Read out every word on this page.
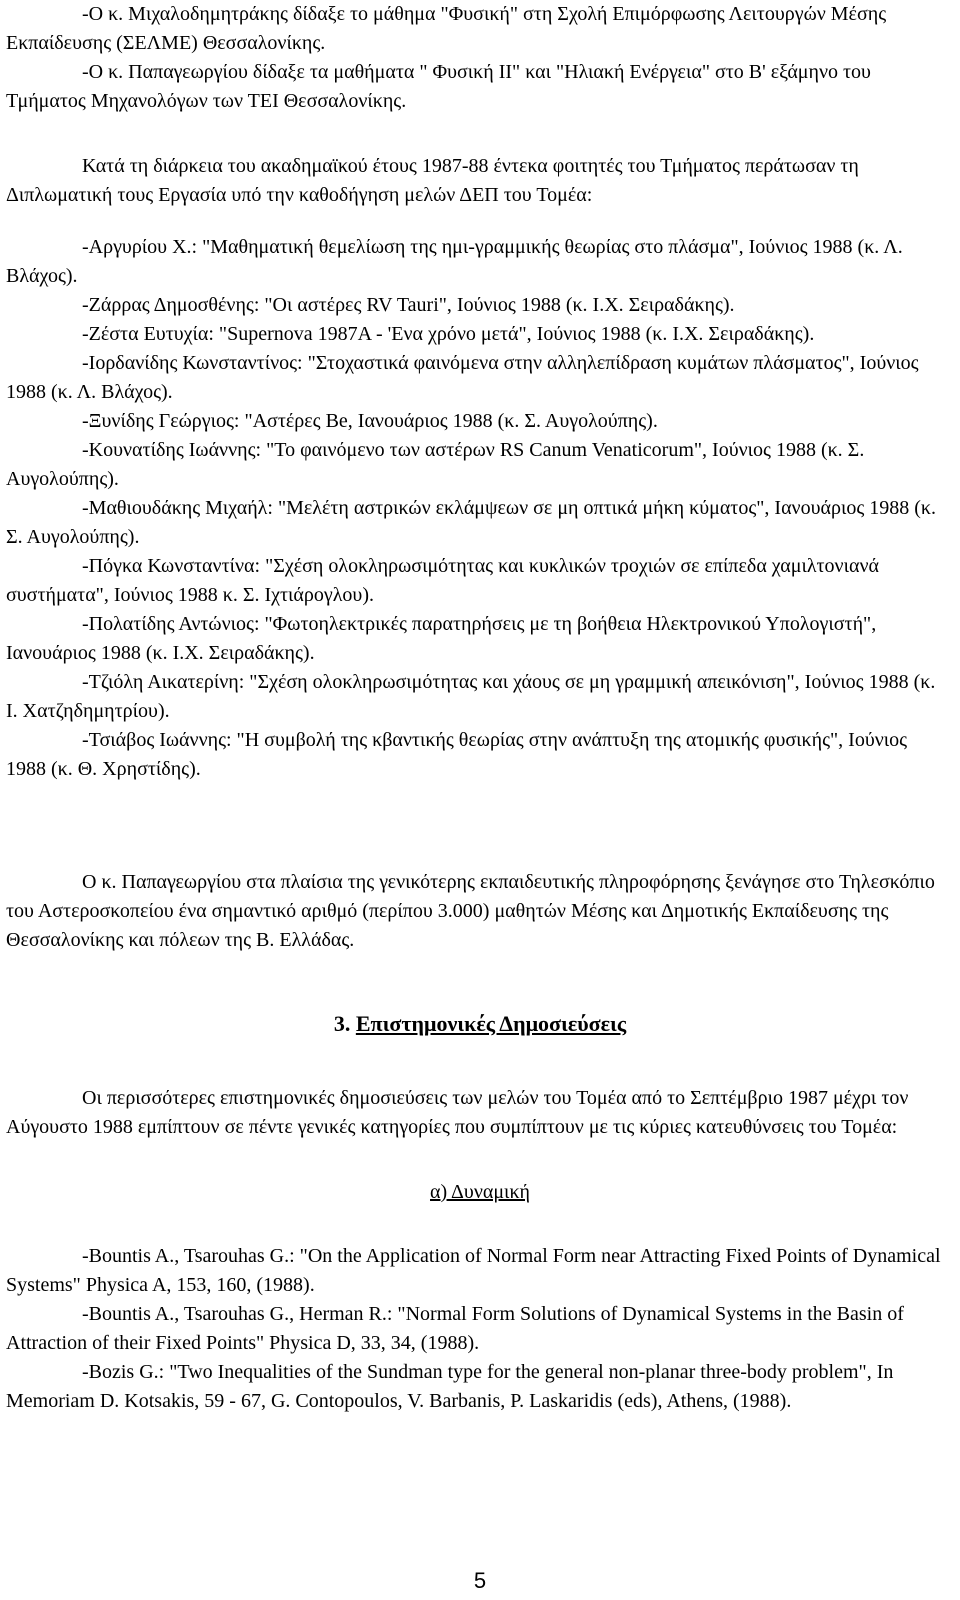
-Ο κ. Μιχαλοδημητράκης δίδαξε το μάθημα "Φυσική" στη Σχολή Επιμόρφωσης Λειτουργών Μέσης Εκπαίδευσης (ΣΕΛΜΕ) Θεσσαλονίκης.

-Ο κ. Παπαγεωργίου δίδαξε τα μαθήματα " Φυσική ΙΙ" και "Ηλιακή Ενέργεια" στο Β' εξάμηνο του Τμήματος Μηχανολόγων των ΤΕΙ Θεσσαλονίκης.

Κατά τη διάρκεια του ακαδημαϊκού έτους 1987-88 έντεκα φοιτητές του Τμήματος περάτωσαν τη Διπλωματική τους Εργασία υπό την καθοδήγηση μελών ΔΕΠ του Τομέα:

-Αργυρίου Χ.: "Μαθηματική θεμελίωση της ημι-γραμμικής θεωρίας στο πλάσμα", Ιούνιος 1988 (κ. Λ. Βλάχος).

-Ζάρρας Δημοσθένης: "Οι αστέρες RV Tauri", Ιούνιος 1988 (κ. Ι.Χ. Σειραδάκης).

-Ζέστα Ευτυχία: "Supernova 1987A - 'Ενα χρόνο μετά", Ιούνιος 1988 (κ. Ι.Χ. Σειραδάκης).

-Ιορδανίδης Κωνσταντίνος: "Στοχαστικά φαινόμενα στην αλληλεπίδραση κυμάτων πλάσματος", Ιούνιος 1988 (κ. Λ. Βλάχος).

-Ξυνίδης Γεώργιος: "Αστέρες Be, Ιανουάριος 1988 (κ. Σ. Αυγολούπης).

-Κουνατίδης Ιωάννης: "Το φαινόμενο των αστέρων RS Canum Venaticorum", Ιούνιος 1988 (κ. Σ. Αυγολούπης).

-Μαθιουδάκης Μιχαήλ: "Μελέτη αστρικών εκλάμψεων σε μη οπτικά μήκη κύματος", Ιανουάριος 1988 (κ. Σ. Αυγολούπης).

-Πόγκα Κωνσταντίνα: "Σχέση ολοκληρωσιμότητας και κυκλικών τροχιών σε επίπεδα χαμιλτονιανά συστήματα", Ιούνιος 1988 κ. Σ. Ιχτιάρογλου).

-Πολατίδης Αντώνιος: "Φωτοηλεκτρικές παρατηρήσεις με τη βοήθεια Ηλεκτρονικού Υπολογιστή", Ιανουάριος 1988 (κ. Ι.Χ. Σειραδάκης).

-Τζιόλη Αικατερίνη: "Σχέση ολοκληρωσιμότητας και χάους σε μη γραμμική απεικόνιση", Ιούνιος 1988 (κ. Ι. Χατζηδημητρίου).

-Τσιάβος Ιωάννης: "Η συμβολή της κβαντικής θεωρίας στην ανάπτυξη της ατομικής φυσικής", Ιούνιος 1988 (κ. Θ. Χρηστίδης).

Ο κ. Παπαγεωργίου στα πλαίσια της γενικότερης εκπαιδευτικής πληροφόρησης ξενάγησε στο Τηλεσκόπιο του Αστεροσκοπείου ένα σημαντικό αριθμό (περίπου 3.000) μαθητών Μέσης και Δημοτικής Εκπαίδευσης της Θεσσαλονίκης και πόλεων της Β. Ελλάδας.

3. Επιστημονικές Δημοσιεύσεις

Οι περισσότερες επιστημονικές δημοσιεύσεις των μελών του Τομέα από το Σεπτέμβριο 1987 μέχρι τον Αύγουστο 1988 εμπίπτουν σε πέντε γενικές κατηγορίες που συμπίπτουν με τις κύριες κατευθύνσεις του Τομέα:

α) Δυναμική

-Bountis A., Tsarouhas G.: "On the Application of Normal Form near Attracting Fixed Points of Dynamical Systems" Physica A, 153, 160, (1988).

-Bountis A., Tsarouhas G., Herman R.: "Normal Form Solutions of Dynamical Systems in the Basin of Attraction of their Fixed Points" Physica D, 33, 34, (1988).

-Bozis G.: "Two Inequalities of the Sundman type for the general non-planar three-body problem", In Memoriam D. Kotsakis, 59 - 67, G. Contopoulos, V. Barbanis, P. Laskaridis (eds), Athens, (1988).

5
